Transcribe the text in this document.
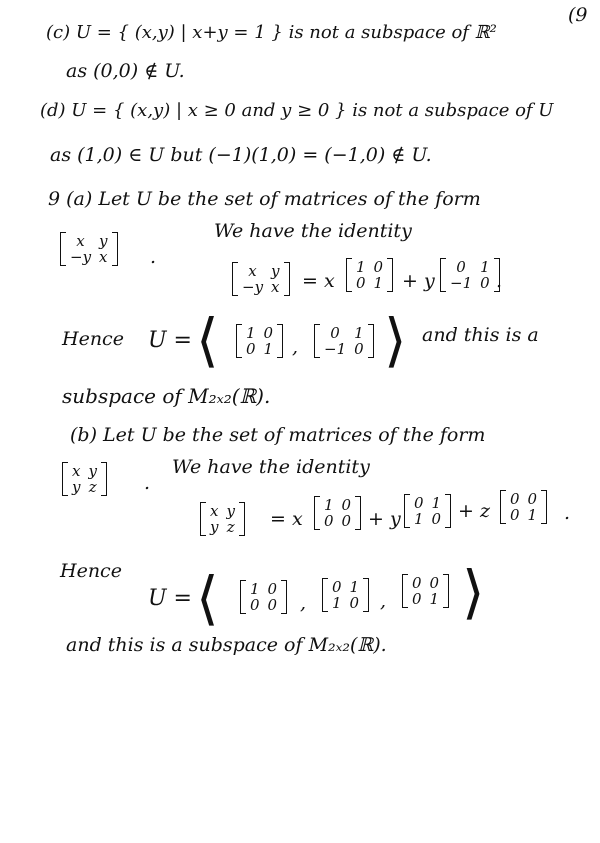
(9
(c) U = { (x,y) | x+y = 1 } is not a subspace of ℝ²
as (0,0) ∉ U.
(d) U = { (x,y) | x ≥ 0 and y ≥ 0 } is not a subspace of U
as (1,0) ∈ U but (−1)(1,0) = (−1,0) ∉ U.
9 (a) Let U be the set of matrices of the form
x y
−y x .
We have the identity
x y
−y x = x
1 0
0 1 + y
0 1
−1 0 .
Hence U = ⟨ 1 0
0 1 ,
0 1
−1 0 ⟩ and this is a
subspace of M₂ₓ₂(ℝ).
(b) Let U be the set of matrices of the form
x y
y z .
We have the identity
x y
y z = x
1 0
0 0 + y
0 1
1 0 + z
0 0
0 1 .
Hence
U = ⟨ 1 0
0 0 ,
0 1
1 0 ,
0 0
0 1 ⟩
and this is a subspace of M₂ₓ₂(ℝ).
